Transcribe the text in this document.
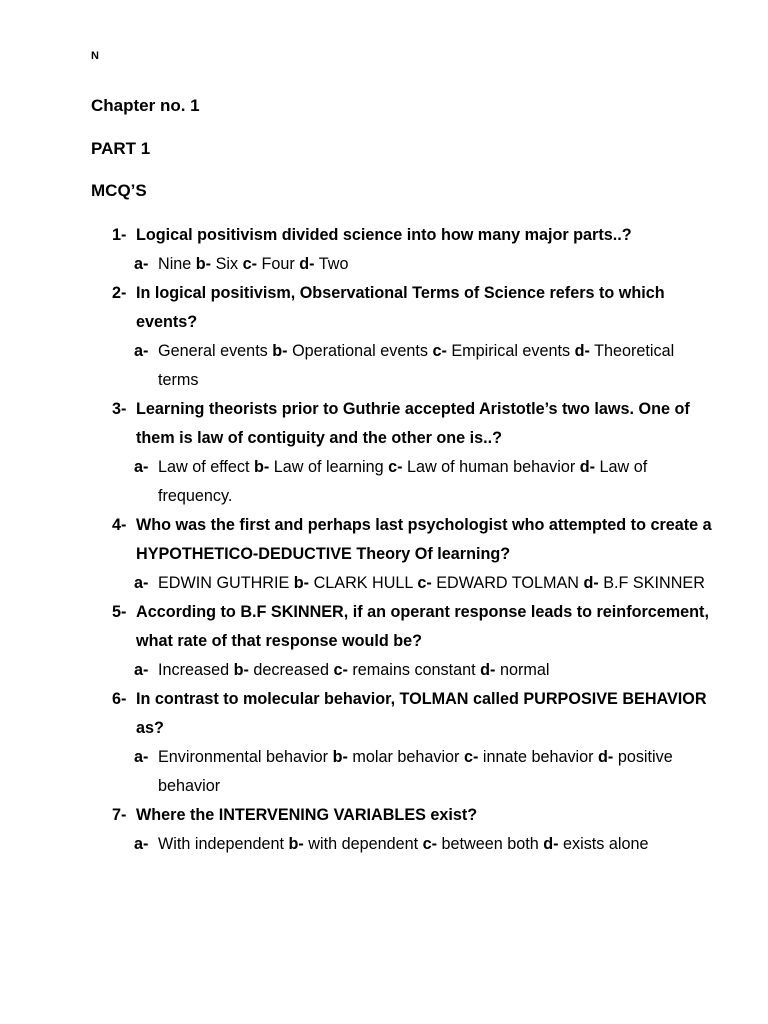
N
Chapter no. 1
PART 1
MCQ’S
1- Logical positivism divided science into how many major parts..?
a- Nine b- Six c- Four d- Two
2- In logical positivism, Observational Terms of Science refers to which events?
a- General events b- Operational events c- Empirical events d- Theoretical terms
3- Learning theorists prior to Guthrie accepted Aristotle’s two laws. One of them is law of contiguity and the other one is..?
a- Law of effect b- Law of learning c- Law of human behavior d- Law of frequency.
4- Who was the first and perhaps last psychologist who attempted to create a HYPOTHETICO-DEDUCTIVE Theory Of learning?
a- EDWIN GUTHRIE b- CLARK HULL c- EDWARD TOLMAN d- B.F SKINNER
5- According to B.F SKINNER, if an operant response leads to reinforcement, what rate of that response would be?
a- Increased b- decreased c- remains constant d- normal
6- In contrast to molecular behavior, TOLMAN called PURPOSIVE BEHAVIOR as?
a- Environmental behavior b- molar behavior c- innate behavior d- positive behavior
7- Where the INTERVENING VARIABLES exist?
a- With independent b- with dependent c- between both d- exists alone
